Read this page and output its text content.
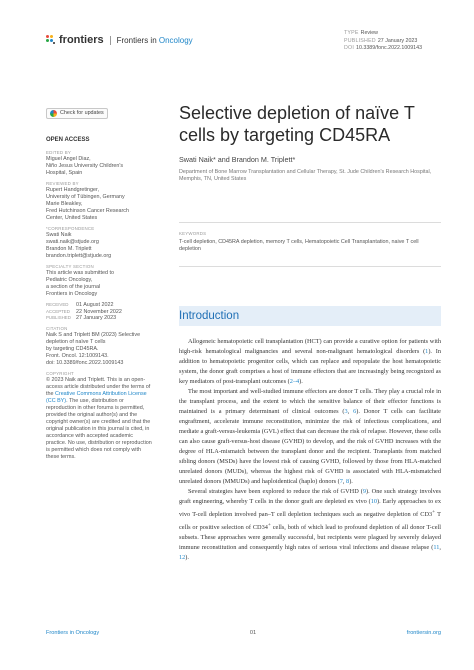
frontiers Frontiers in Oncology
TYPE Review
PUBLISHED 27 January 2023
DOI 10.3389/fonc.2022.1009143
Check for updates
OPEN ACCESS
EDITED BY
Miguel Angel Diaz,
Niño Jesus University Children's
Hospital, Spain
REVIEWED BY
Rupert Handgretinger,
University of Tübingen, Germany
Marie Bleakley,
Fred Hutchinson Cancer Research
Center, United States
*CORRESPONDENCE
Swati Naik
swati.naik@stjude.org
Brandon M. Triplett
brandon.triplett@stjude.org
SPECIALTY SECTION
This article was submitted to
Pediatric Oncology,
a section of the journal
Frontiers in Oncology
RECEIVED	01 August 2022
ACCEPTED	22 November 2022
PUBLISHED 27 January 2023
CITATION
Naik S and Triplett BM (2023) Selective
depletion of naïve T cells
by targeting CD45RA.
Front. Oncol. 12:1009143.
doi: 10.3389/fonc.2022.1009143
COPYRIGHT
© 2023 Naik and Triplett. This is an open-access article distributed under the terms of the Creative Commons Attribution License (CC BY). The use, distribution or reproduction in other forums is permitted, provided the original author(s) and the copyright owner(s) are credited and that the original publication in this journal is cited, in accordance with accepted academic practice. No use, distribution or reproduction is permitted which does not comply with these terms.
Selective depletion of naïve T cells by targeting CD45RA
Swati Naik* and Brandon M. Triplett*
Department of Bone Marrow Transplantation and Cellular Therapy, St. Jude Children's Research Hospital, Memphis, TN, United States
KEYWORDS
T-cell depletion, CD45RA depletion, memory T cells, Hematopoietic Cell Transplantation, naive T cell depletion
Introduction

Allogeneic hematopoietic cell transplantation (HCT) can provide a curative option for patients with high-risk hematological malignancies and several non-malignant hematological disorders (1). In addition to hematopoietic progenitor cells, which can replace and repopulate the host hematopoietic system, the donor graft comprises a host of immune effectors that are increasingly being recognized as key mediators of post-transplant outcomes (2–4).

The most important and well-studied immune effectors are donor T cells. They play a crucial role in the transplant process, and the extent to which the sensitive balance of their effector functions is maintained is a primary determinant of clinical outcomes (3, 6). Donor T cells can facilitate engraftment, accelerate immune reconstitution, minimize the risk of infectious complications, and mediate a graft-versus-leukemia (GVL) effect that can decrease the risk of relapse. However, these cells can also cause graft-versus-host disease (GVHD) to develop, and the risk of GVHD increases with the degree of HLA-mismatch between the transplant donor and the recipient. Transplants from matched sibling donors (MSDs) have the lowest risk of causing GVHD, followed by those from HLA-matched unrelated donors (MUDs), whereas the highest risk of GVHD is associated with HLA-mismatched unrelated donors (MMUDs) and haploidentical (haplo) donors (7, 8).

Several strategies have been explored to reduce the risk of GVHD (9). One such strategy involves graft engineering, whereby T cells in the donor graft are depleted ex vivo (10). Early approaches to ex vivo T-cell depletion involved pan–T cell depletion techniques such as negative depletion of CD3+ T cells or positive selection of CD34+ cells, both of which lead to profound depletion of all donor T-cell subsets. These approaches were generally successful, but recipients were plagued by severely delayed immune reconstitution and consequently high rates of serious viral infections and disease relapse (11, 12).

Frontiers in Oncology	01	frontiersin.org
